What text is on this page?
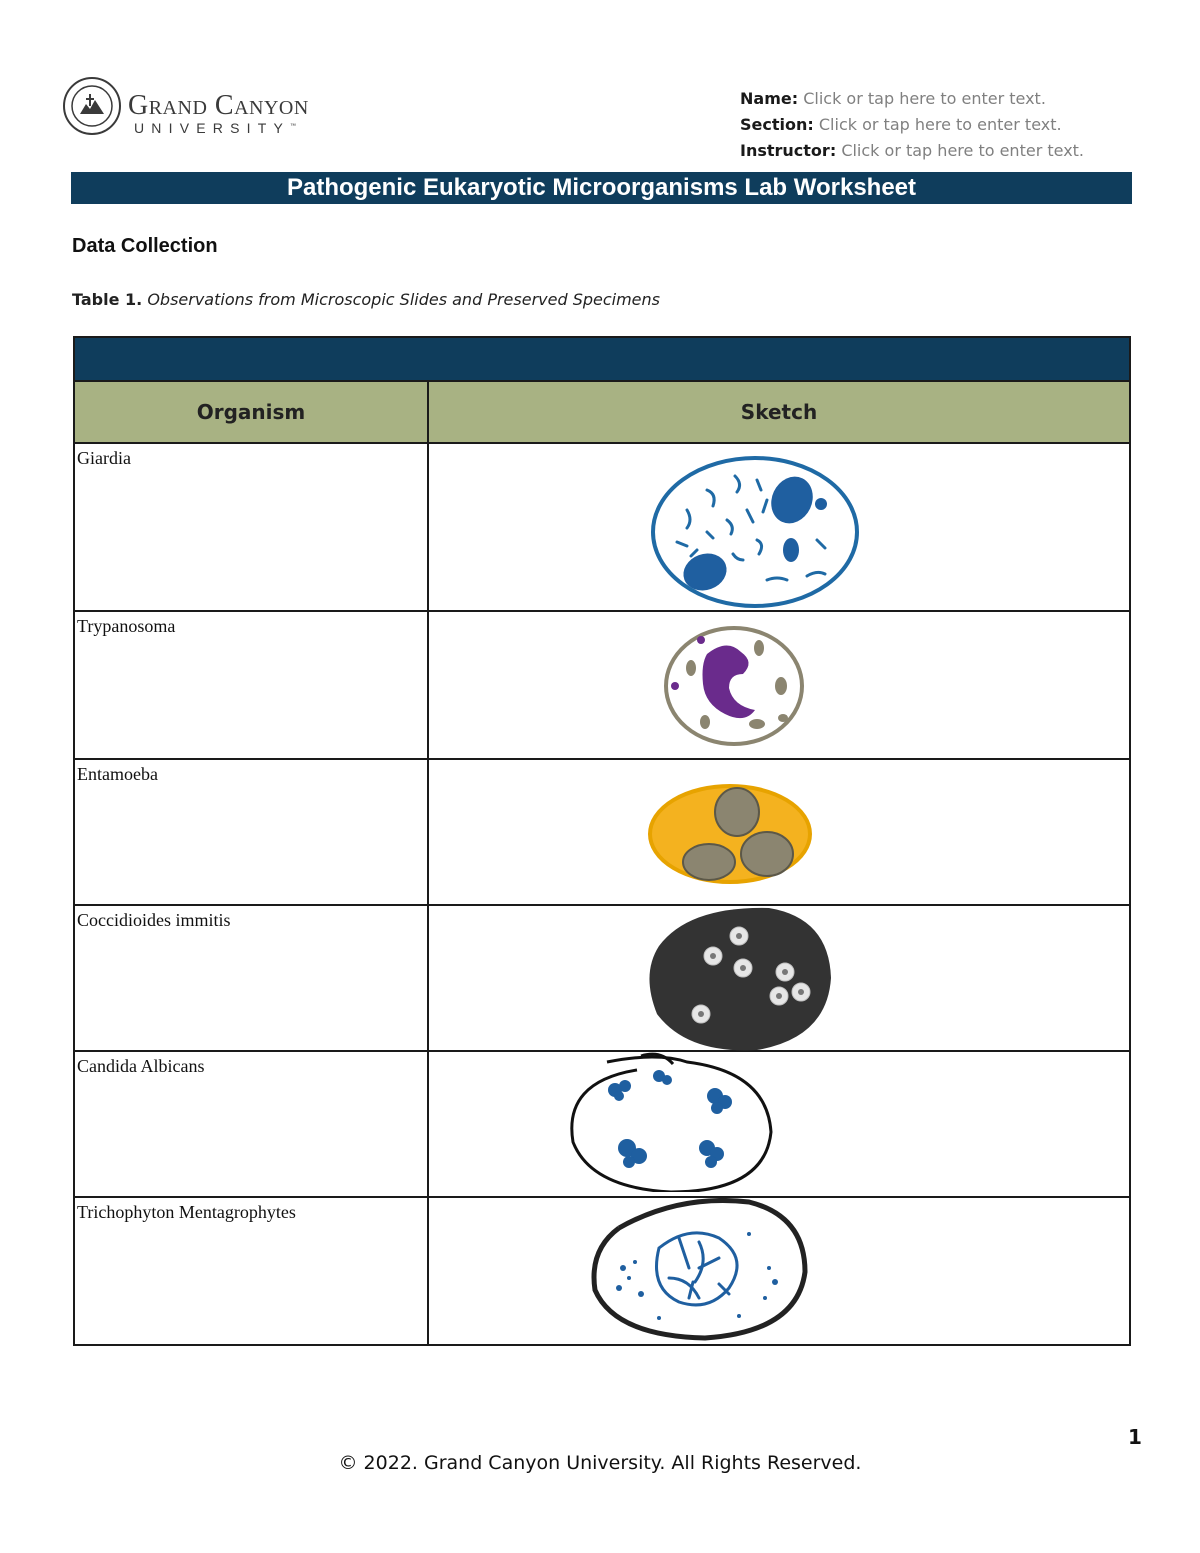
Grand Canyon
UNIVERSITY™
Name: Click or tap here to enter text.
Section: Click or tap here to enter text.
Instructor: Click or tap here to enter text.
Pathogenic Eukaryotic Microorganisms Lab Worksheet
Data Collection
Table 1. Observations from Microscopic Slides and Preserved Specimens
Organism	Sketch
Giardia
Trypanosoma
Entamoeba
Coccidioides immitis
Candida Albicans
Trichophyton Mentagrophytes
1
© 2022. Grand Canyon University. All Rights Reserved.
